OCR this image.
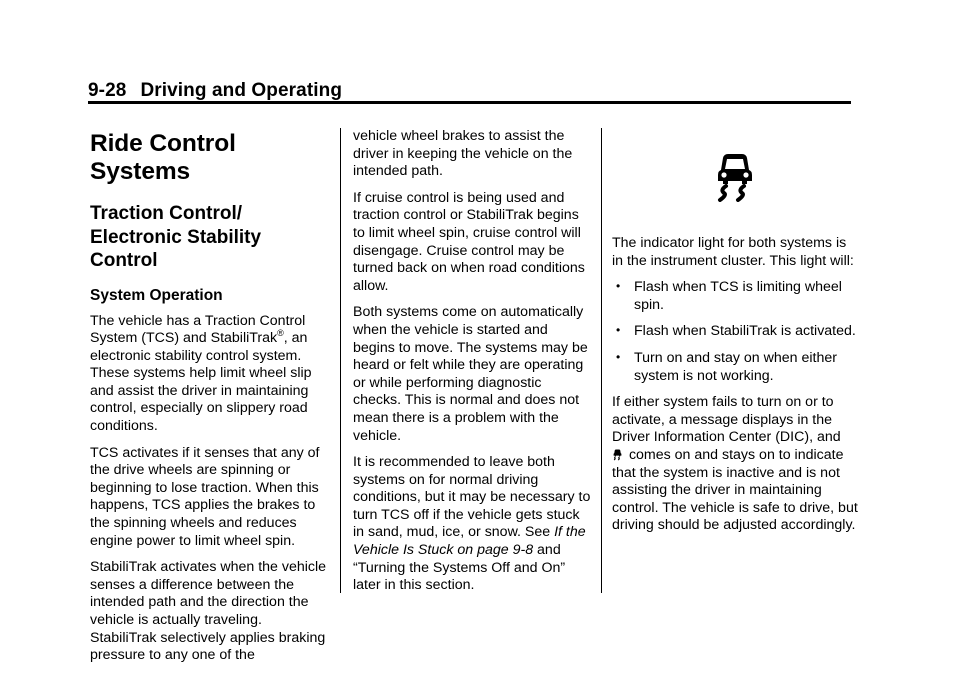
9-28 Driving and Operating
Ride Control Systems
Traction Control/ Electronic Stability Control
System Operation

The vehicle has a Traction Control System (TCS) and StabiliTrak®, an electronic stability control system. These systems help limit wheel slip and assist the driver in maintaining control, especially on slippery road conditions.

TCS activates if it senses that any of the drive wheels are spinning or beginning to lose traction. When this happens, TCS applies the brakes to the spinning wheels and reduces engine power to limit wheel spin.

StabiliTrak activates when the vehicle senses a difference between the intended path and the direction the vehicle is actually traveling. StabiliTrak selectively applies braking pressure to any one of the

vehicle wheel brakes to assist the driver in keeping the vehicle on the intended path.

If cruise control is being used and traction control or StabiliTrak begins to limit wheel spin, cruise control will disengage. Cruise control may be turned back on when road conditions allow.

Both systems come on automatically when the vehicle is started and begins to move. The systems may be heard or felt while they are operating or while performing diagnostic checks. This is normal and does not mean there is a problem with the vehicle.

It is recommended to leave both systems on for normal driving conditions, but it may be necessary to turn TCS off if the vehicle gets stuck in sand, mud, ice, or snow. See If the Vehicle Is Stuck on page 9-8 and “Turning the Systems Off and On” later in this section.

The indicator light for both systems is in the instrument cluster. This light will:

• Flash when TCS is limiting wheel spin.
• Flash when StabiliTrak is activated.
• Turn on and stay on when either system is not working.

If either system fails to turn on or to activate, a message displays in the Driver Information Center (DIC), and
comes on and stays on to indicate that the system is inactive and is not assisting the driver in maintaining control. The vehicle is safe to drive, but driving should be adjusted accordingly.
